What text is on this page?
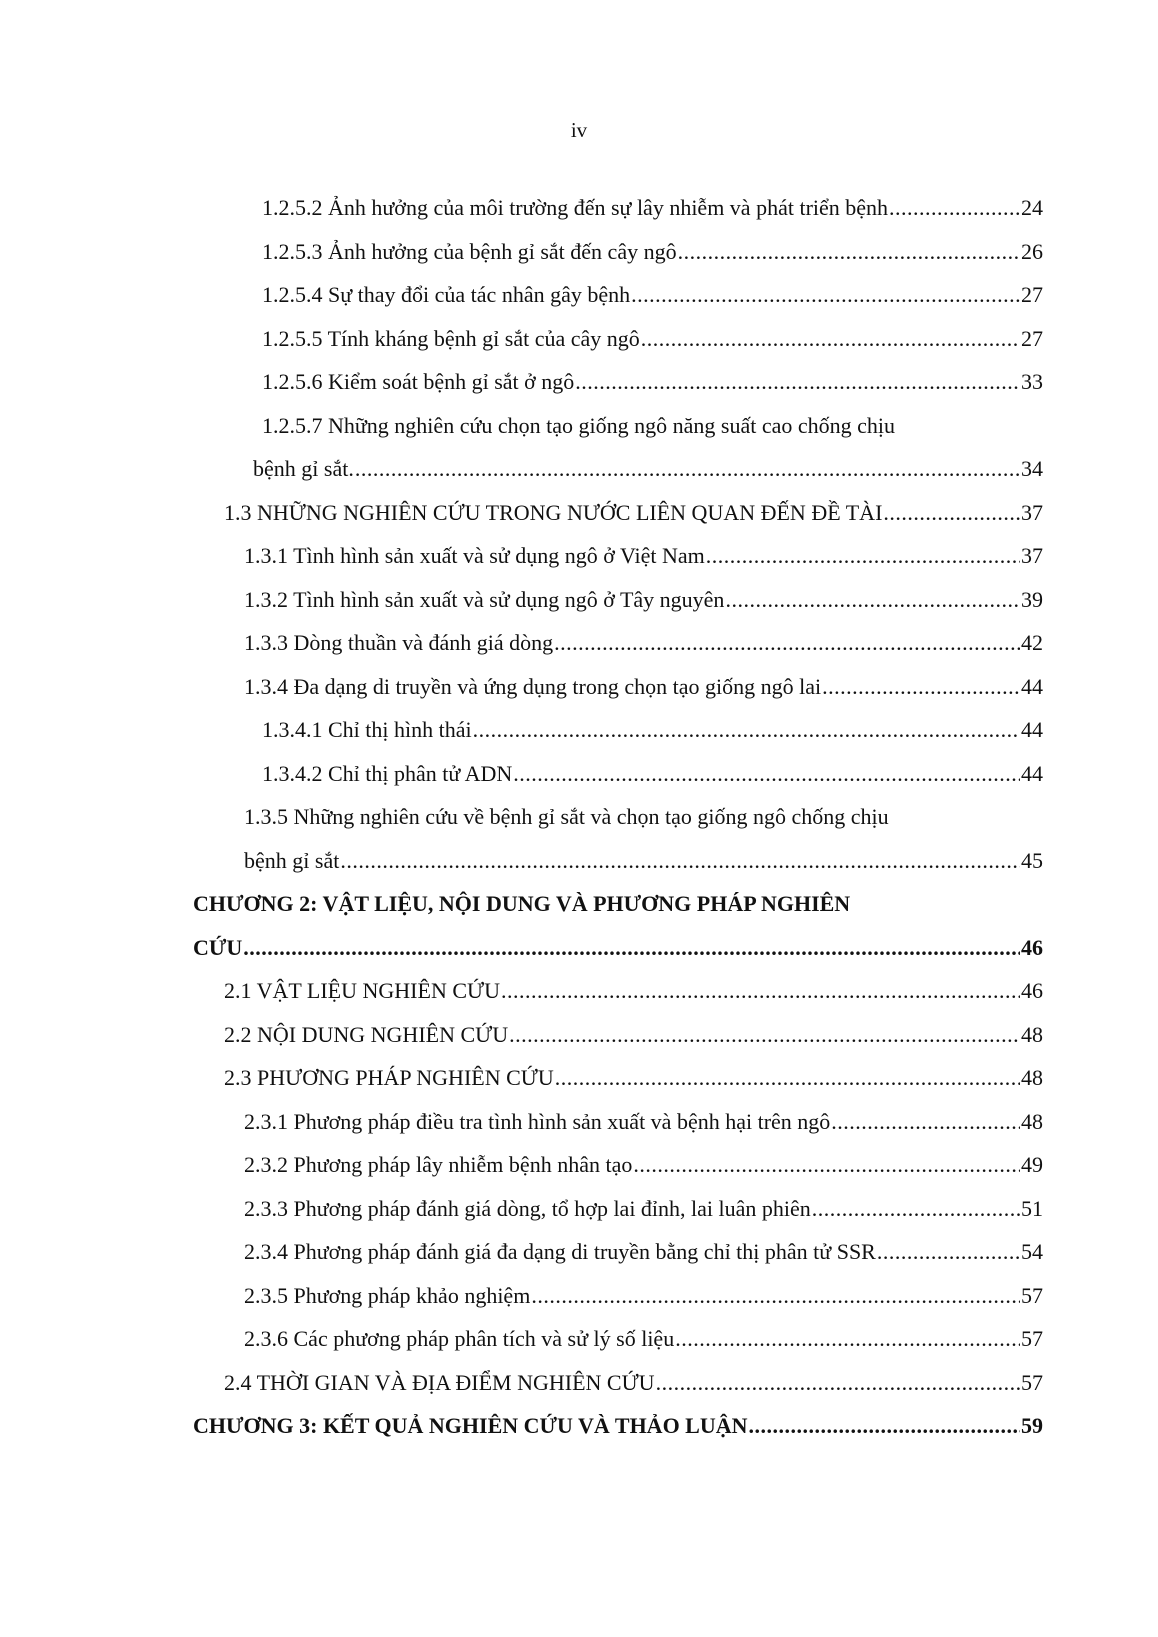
iv
1.2.5.2 Ảnh hưởng của môi trường đến sự lây nhiễm và phát triển bệnh .....	24
1.2.5.3 Ảnh hưởng của bệnh gỉ sắt đến cây ngô .....	26
1.2.5.4 Sự thay đổi của tác nhân gây bệnh .....	27
1.2.5.5 Tính kháng bệnh gỉ sắt của cây ngô .....	27
1.2.5.6 Kiểm soát bệnh gỉ sắt ở ngô .....	33
1.2.5.7 Những nghiên cứu chọn tạo giống ngô năng suất cao chống chịu
bệnh gỉ sắt. .....	34
1.3 NHỮNG NGHIÊN CỨU TRONG NƯỚC LIÊN QUAN ĐẾN ĐỀ TÀI .....	37
1.3.1 Tình hình sản xuất và sử dụng ngô ở Việt Nam .....	37
1.3.2 Tình hình sản xuất và sử dụng ngô ở Tây nguyên .....	39
1.3.3 Dòng thuần và đánh giá dòng .....	42
1.3.4 Đa dạng di truyền và ứng dụng trong chọn tạo giống ngô lai .....	44
1.3.4.1 Chỉ thị hình thái .....	44
1.3.4.2 Chỉ thị phân tử ADN .....	44
1.3.5 Những nghiên cứu về bệnh gỉ sắt và chọn tạo giống ngô chống chịu
bệnh gỉ sắt .....	45
CHƯƠNG 2: VẬT LIỆU, NỘI DUNG VÀ PHƯƠNG PHÁP NGHIÊN
CỨU .....	46
2.1 VẬT LIỆU NGHIÊN CỨU .....	46
2.2 NỘI DUNG NGHIÊN CỨU .....	48
2.3 PHƯƠNG PHÁP NGHIÊN CỨU .....	48
2.3.1 Phương pháp điều tra tình hình sản xuất và bệnh hại trên ngô .....	48
2.3.2 Phương pháp lây nhiễm bệnh nhân tạo .....	49
2.3.3 Phương pháp đánh giá dòng, tổ hợp lai đỉnh, lai luân phiên .....	51
2.3.4 Phương pháp đánh giá đa dạng di truyền bằng chỉ thị phân tử SSR .....	54
2.3.5 Phương pháp khảo nghiệm .....	57
2.3.6 Các phương pháp phân tích và sử lý số liệu .....	57
2.4 THỜI GIAN VÀ ĐỊA ĐIỂM NGHIÊN CỨU .....	57
CHƯƠNG 3: KẾT QUẢ NGHIÊN CỨU VÀ THẢO LUẬN .....	59
